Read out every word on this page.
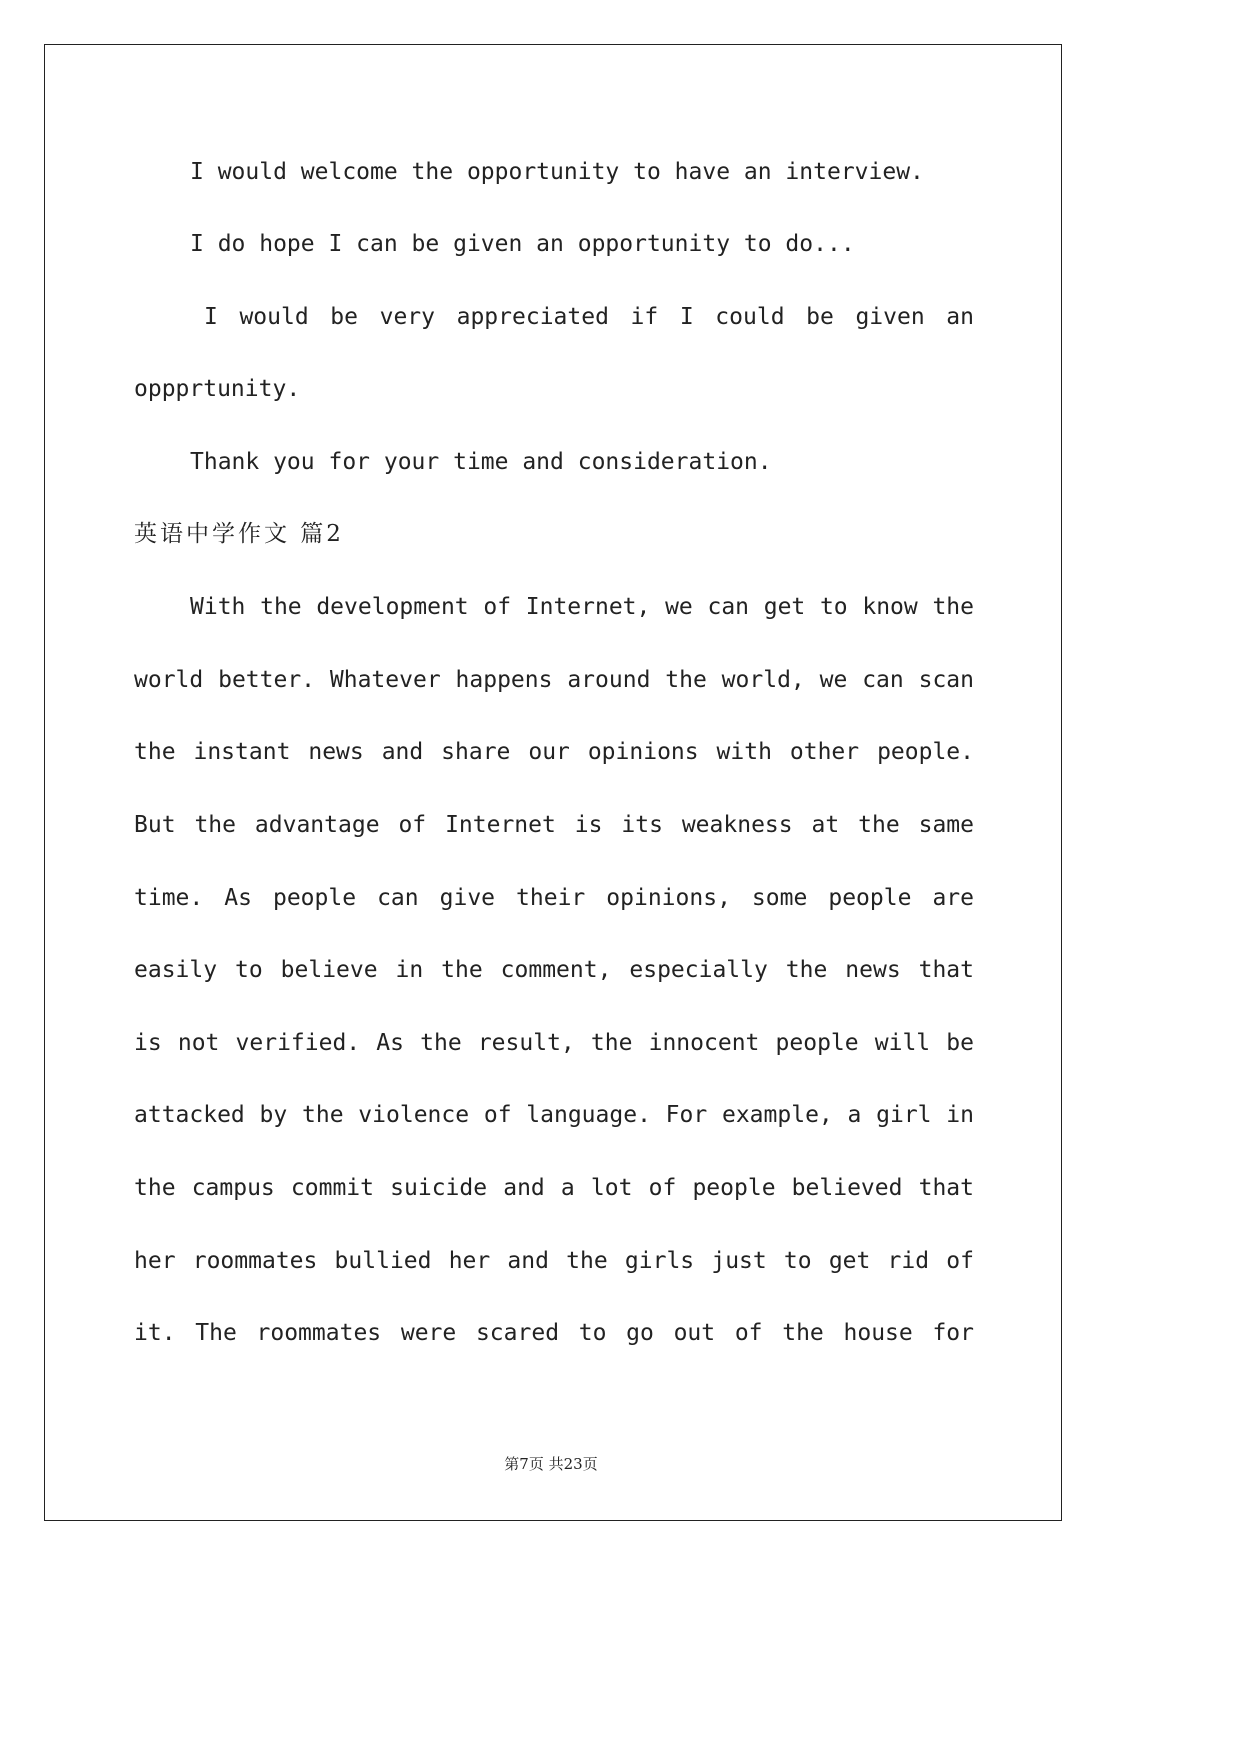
I would welcome the opportunity to have an interview.

I do hope I can be given an opportunity to do...

I would be very appreciated if I could be given an

oppprtunity.

Thank you for your time and consideration.

英语中学作文 篇2

With the development of Internet, we can get to know the

world better. Whatever happens around the world, we can scan

the instant news and share our opinions with other people.

But the advantage of Internet is its weakness at the same

time. As people can give their opinions, some people are

easily to believe in the comment, especially the news that

is not verified. As the result, the innocent people will be

attacked by the violence of language. For example, a girl in

the campus commit suicide and a lot of people believed that

her roommates bullied her and the girls just to get rid of

it. The roommates were scared to go out of the house for

第7页 共23页
